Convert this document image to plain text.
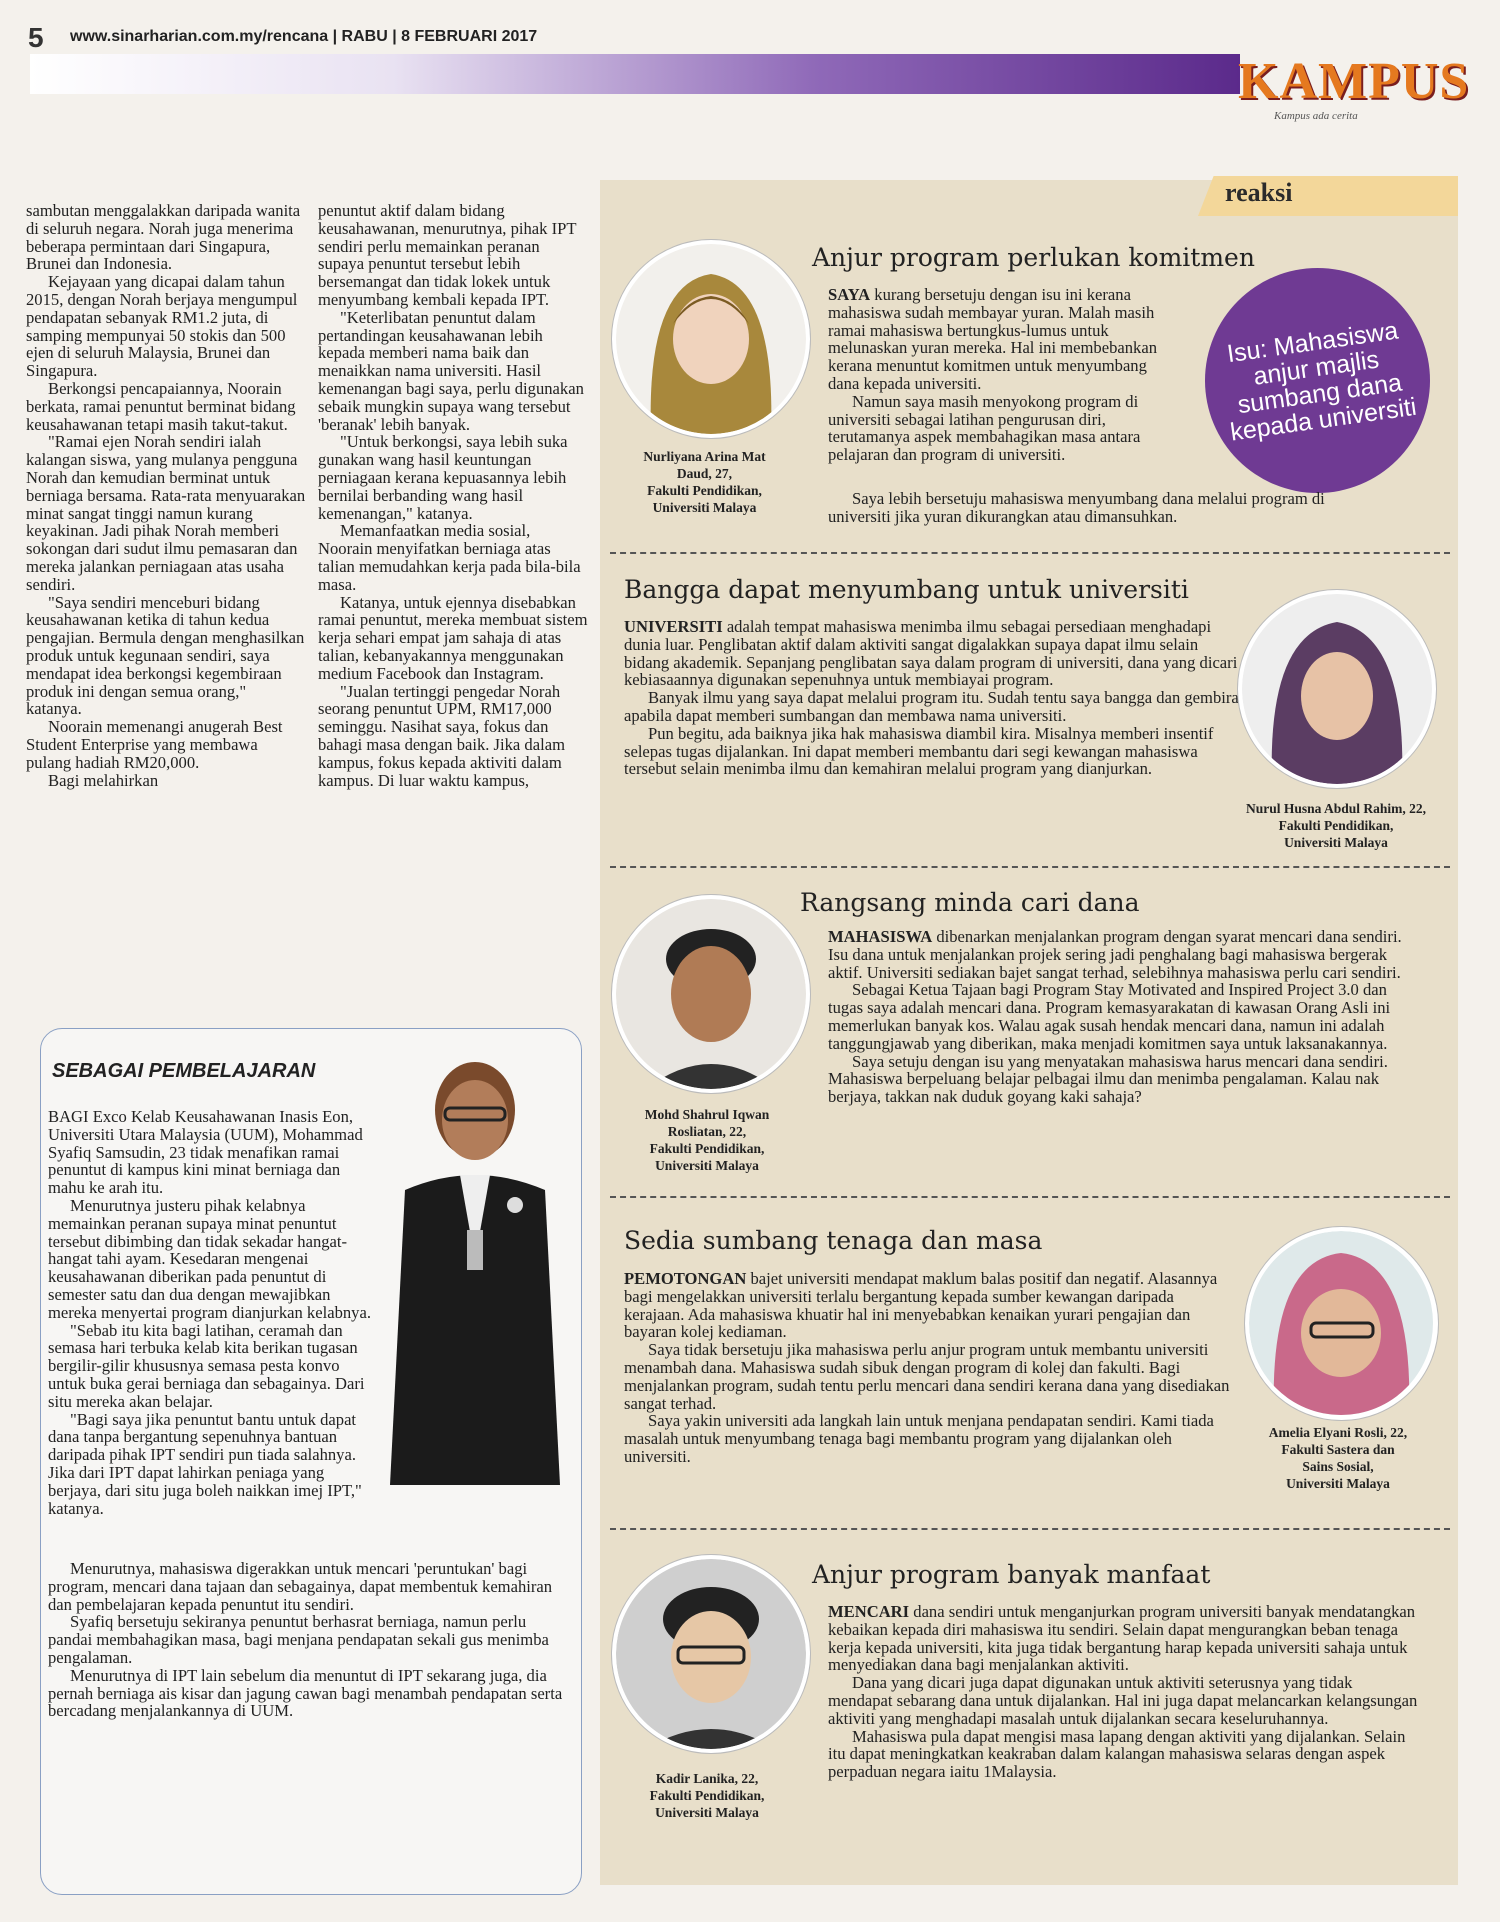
5 www.sinarharian.com.my/rencana | RABU | 8 FEBRUARI 2017
KAMPUS
Kampus ada cerita

sambutan menggalakkan daripada wanita di seluruh negara. Norah juga menerima beberapa permintaan dari Singapura, Brunei dan Indonesia.

Kejayaan yang dicapai dalam tahun 2015, dengan Norah berjaya mengumpul pendapatan sebanyak RM1.2 juta, di samping mempunyai 50 stokis dan 500 ejen di seluruh Malaysia, Brunei dan Singapura.

Berkongsi pencapaiannya, Noorain berkata, ramai penuntut berminat bidang keusahawanan tetapi masih takut-takut.

"Ramai ejen Norah sendiri ialah kalangan siswa, yang mulanya pengguna Norah dan kemudian berminat untuk berniaga bersama. Rata-rata menyuarakan minat sangat tinggi namun kurang keyakinan. Jadi pihak Norah memberi sokongan dari sudut ilmu pemasaran dan mereka jalankan perniagaan atas usaha sendiri.

"Saya sendiri menceburi bidang keusahawanan ketika di tahun kedua pengajian. Bermula dengan menghasilkan produk untuk kegunaan sendiri, saya mendapat idea berkongsi kegembiraan produk ini dengan semua orang," katanya.

Noorain memenangi anugerah Best Student Enterprise yang membawa pulang hadiah RM20,000.

Bagi melahirkan

penuntut aktif dalam bidang keusahawanan, menurutnya, pihak IPT sendiri perlu memainkan peranan supaya penuntut tersebut lebih bersemangat dan tidak lokek untuk menyumbang kembali kepada IPT.

"Keterlibatan penuntut dalam pertandingan keusahawanan lebih kepada memberi nama baik dan menaikkan nama universiti. Hasil kemenangan bagi saya, perlu digunakan sebaik mungkin supaya wang tersebut 'beranak' lebih banyak.

"Untuk berkongsi, saya lebih suka gunakan wang hasil keuntungan perniagaan kerana kepuasannya lebih bernilai berbanding wang hasil kemenangan," katanya.

Memanfaatkan media sosial, Noorain menyifatkan berniaga atas talian memudahkan kerja pada bila-bila masa.

Katanya, untuk ejennya disebabkan ramai penuntut, mereka membuat sistem kerja sehari empat jam sahaja di atas talian, kebanyakannya menggunakan medium Facebook dan Instagram.

"Jualan tertinggi pengedar Norah seorang penuntut UPM, RM17,000 seminggu. Nasihat saya, fokus dan bahagi masa dengan baik. Jika dalam kampus, fokus kepada aktiviti dalam kampus. Di luar waktu kampus,

SEBAGAI PEMBELAJARAN

BAGI Exco Kelab Keusahawanan Inasis Eon, Universiti Utara Malaysia (UUM), Mohammad Syafiq Samsudin, 23 tidak menafikan ramai penuntut di kampus kini minat berniaga dan mahu ke arah itu.

Menurutnya justeru pihak kelabnya memainkan peranan supaya minat penuntut tersebut dibimbing dan tidak sekadar hangat-hangat tahi ayam. Kesedaran mengenai keusahawanan diberikan pada penuntut di semester satu dan dua dengan mewajibkan mereka menyertai program dianjurkan kelabnya.

"Sebab itu kita bagi latihan, ceramah dan semasa hari terbuka kelab kita berikan tugasan bergilir-gilir khususnya semasa pesta konvo untuk buka gerai berniaga dan sebagainya. Dari situ mereka akan belajar.

"Bagi saya jika penuntut bantu untuk dapat dana tanpa bergantung sepenuhnya bantuan daripada pihak IPT sendiri pun tiada salahnya. Jika dari IPT dapat lahirkan peniaga yang berjaya, dari situ juga boleh naikkan imej IPT," katanya.

Menurutnya, mahasiswa digerakkan untuk mencari 'peruntukan' bagi program, mencari dana tajaan dan sebagainya, dapat membentuk kemahiran dan pembelajaran kepada penuntut itu sendiri.

Syafiq bersetuju sekiranya penuntut berhasrat berniaga, namun perlu pandai membahagikan masa, bagi menjana pendapatan sekali gus menimba pengalaman.

Menurutnya di IPT lain sebelum dia menuntut di IPT sekarang juga, dia pernah berniaga ais kisar dan jagung cawan bagi menambah pendapatan serta bercadang menjalankannya di UUM.

reaksi
Isu: Mahasiswa anjur majlis sumbang dana kepada universiti
Nurliyana Arina Mat
Daud, 27,
Fakulti Pendidikan,
Universiti Malaya
Anjur program perlukan komitmen

SAYA kurang bersetuju dengan isu ini kerana mahasiswa sudah membayar yuran. Malah masih ramai mahasiswa bertungkus-lumus untuk melunaskan yuran mereka. Hal ini membebankan kerana menuntut komitmen untuk menyumbang dana kepada universiti.

Namun saya masih menyokong program di universiti sebagai latihan pengurusan diri, terutamanya aspek membahagikan masa antara pelajaran dan program di universiti.

Saya lebih bersetuju mahasiswa menyumbang dana melalui program di universiti jika yuran dikurangkan atau dimansuhkan.

Bangga dapat menyumbang untuk universiti

UNIVERSITI adalah tempat mahasiswa menimba ilmu sebagai persediaan menghadapi dunia luar. Penglibatan aktif dalam aktiviti sangat digalakkan supaya dapat ilmu selain bidang akademik. Sepanjang penglibatan saya dalam program di universiti, dana yang dicari kebiasaannya digunakan sepenuhnya untuk membiayai program.

Banyak ilmu yang saya dapat melalui program itu. Sudah tentu saya bangga dan gembira apabila dapat memberi sumbangan dan membawa nama universiti.

Pun begitu, ada baiknya jika hak mahasiswa diambil kira. Misalnya memberi insentif selepas tugas dijalankan. Ini dapat memberi membantu dari segi kewangan mahasiswa tersebut selain menimba ilmu dan kemahiran melalui program yang dianjurkan.

Nurul Husna Abdul Rahim, 22,
Fakulti Pendidikan,
Universiti Malaya
Mohd Shahrul Iqwan
Rosliatan, 22,
Fakulti Pendidikan,
Universiti Malaya
Rangsang minda cari dana

MAHASISWA dibenarkan menjalankan program dengan syarat mencari dana sendiri. Isu dana untuk menjalankan projek sering jadi penghalang bagi mahasiswa bergerak aktif. Universiti sediakan bajet sangat terhad, selebihnya mahasiswa perlu cari sendiri.

Sebagai Ketua Tajaan bagi Program Stay Motivated and Inspired Project 3.0 dan tugas saya adalah mencari dana. Program kemasyarakatan di kawasan Orang Asli ini memerlukan banyak kos. Walau agak susah hendak mencari dana, namun ini adalah tanggungjawab yang diberikan, maka menjadi komitmen saya untuk laksanakannya.

Saya setuju dengan isu yang menyatakan mahasiswa harus mencari dana sendiri. Mahasiswa berpeluang belajar pelbagai ilmu dan menimba pengalaman. Kalau nak berjaya, takkan nak duduk goyang kaki sahaja?

Sedia sumbang tenaga dan masa

PEMOTONGAN bajet universiti mendapat maklum balas positif dan negatif. Alasannya bagi mengelakkan universiti terlalu bergantung kepada sumber kewangan daripada kerajaan. Ada mahasiswa khuatir hal ini menyebabkan kenaikan yurari pengajian dan bayaran kolej kediaman.

Saya tidak bersetuju jika mahasiswa perlu anjur program untuk membantu universiti menambah dana. Mahasiswa sudah sibuk dengan program di kolej dan fakulti. Bagi menjalankan program, sudah tentu perlu mencari dana sendiri kerana dana yang disediakan sangat terhad.

Saya yakin universiti ada langkah lain untuk menjana pendapatan sendiri. Kami tiada masalah untuk menyumbang tenaga bagi membantu program yang dijalankan oleh universiti.

Amelia Elyani Rosli, 22,
Fakulti Sastera dan
Sains Sosial,
Universiti Malaya
Kadir Lanika, 22,
Fakulti Pendidikan,
Universiti Malaya
Anjur program banyak manfaat

MENCARI dana sendiri untuk menganjurkan program universiti banyak mendatangkan kebaikan kepada diri mahasiswa itu sendiri. Selain dapat mengurangkan beban tenaga kerja kepada universiti, kita juga tidak bergantung harap kepada universiti sahaja untuk menyediakan dana bagi menjalankan aktiviti.

Dana yang dicari juga dapat digunakan untuk aktiviti seterusnya yang tidak mendapat sebarang dana untuk dijalankan. Hal ini juga dapat melancarkan kelangsungan aktiviti yang menghadapi masalah untuk dijalankan secara keseluruhannya.

Mahasiswa pula dapat mengisi masa lapang dengan aktiviti yang dijalankan. Selain itu dapat meningkatkan keakraban dalam kalangan mahasiswa selaras dengan aspek perpaduan negara iaitu 1Malaysia.
